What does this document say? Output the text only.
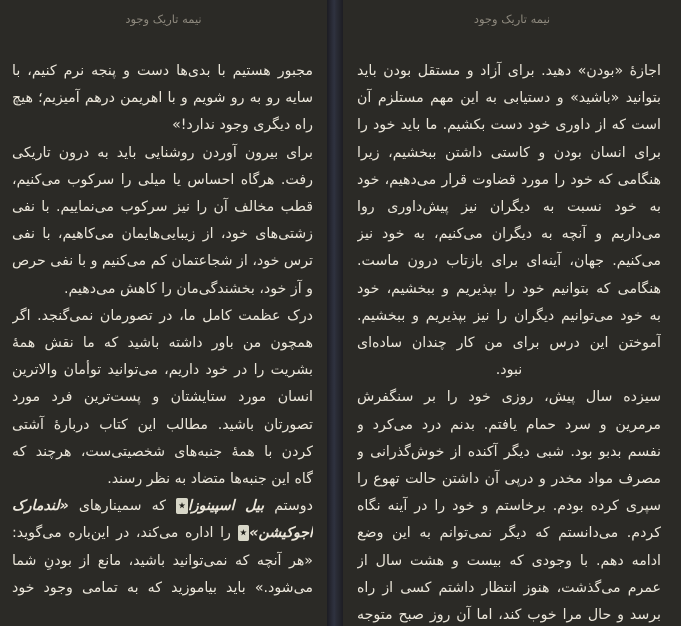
نیمه تاریک وجود
مجبور هستیم با بدی‌ها دست و پنجه نرم کنیم، با
سایه رو به رو شویم و با اهریمن درهم آمیزیم؛ هیچ
راه دیگری وجود ندارد!»
برای بیرون آوردن روشنایی باید به درون تاریکی
رفت. هرگاه احساس یا میلی را سرکوب می‌کنیم،
قطب مخالف آن را نیز سرکوب می‌نماییم. با نفی
زشتی‌های خود، از زیبایی‌هایمان می‌کاهیم، با نفی
ترس خود، از شجاعتمان کم می‌کنیم و با نفی حرص
و آز خود، بخشندگی‌مان را کاهش می‌دهیم.
درک عظمت کامل ما، در تصورمان نمی‌گنجد. اگر
همچون من باور داشته باشید که ما نقش همهٔ
بشریت را در خود داریم، می‌توانید توأمان والاترین
انسان مورد ستایشتان و پست‌ترین فرد مورد
تصورتان باشید. مطالب این کتاب دربارهٔ آشتی
کردن با همهٔ جنبه‌های شخصیتی‌ست، هرچند که
گاه این جنبه‌ها متضاد به نظر رسند.
دوستم بیل اسپینوزا٭ که سمینارهای «لندمارک
اجوکیشن»٭ را اداره می‌کند، در این‌باره می‌گوید:
«هر آنچه که نمی‌توانید باشید، مانع از بودنِ شما
می‌شود.» باید بیاموزید که به تمامی وجود خود
نیمه تاریک وجود
اجازهٔ «بودن» دهید. برای آزاد و مستقل بودن باید
بتوانید «باشید» و دستیابی به این مهم مستلزم آن
است که از داوری خود دست بکشیم. ما باید خود را
برای انسان بودن و کاستی داشتن ببخشیم، زیرا
هنگامی که خود را مورد قضاوت قرار می‌دهیم، خود
به خود نسبت به دیگران نیز پیش‌داوری روا
می‌داریم و آنچه به دیگران می‌کنیم، به خود نیز
می‌کنیم. جهان، آینه‌ای برای بازتاب درون ماست.
هنگامی که بتوانیم خود را بپذیریم و ببخشیم، خود
به خود می‌توانیم دیگران را نیز بپذیریم و ببخشیم.
آموختن این درس برای من کار چندان ساده‌ای
نبود.
سیزده سال پیش، روزی خود را بر سنگفرش
مرمرین و سرد حمام یافتم. بدنم درد می‌کرد و
نفسم بدبو بود. شبی دیگر آکنده از خوش‌گذرانی و
مصرف مواد مخدر و درپی آن داشتن حالت تهوع را
سپری کرده بودم. برخاستم و خود را در آینه نگاه
کردم. می‌دانستم که دیگر نمی‌توانم به این وضع
ادامه دهم. با وجودی که بیست و هشت سال از
عمرم می‌گذشت، هنوز انتظار داشتم کسی از راه
برسد و حال مرا خوب کند، اما آن روز صبح متوجه
